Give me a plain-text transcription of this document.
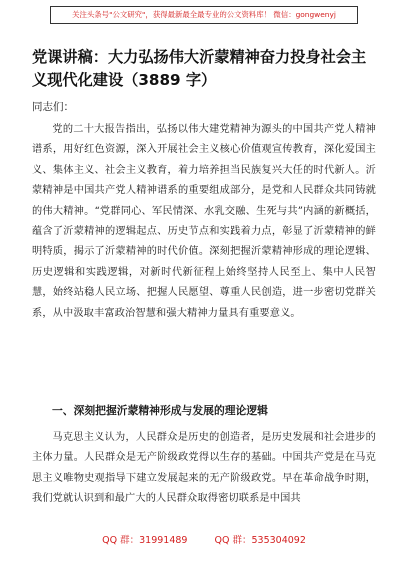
关注头条号"公文研究"，获得最新最全最专业的公文资料库！ 微信：gongwenyj
党课讲稿：大力弘扬伟大沂蒙精神奋力投身社会主义现代化建设（3889 字）
同志们：

党的二十大报告指出，弘扬以伟大建党精神为源头的中国共产党人精神谱系，用好红色资源，深入开展社会主义核心价值观宣传教育，深化爱国主义、集体主义、社会主义教育，着力培养担当民族复兴大任的时代新人。沂蒙精神是中国共产党人精神谱系的重要组成部分，是党和人民群众共同铸就的伟大精神。“党群同心、军民情深、水乳交融、生死与共”内涵的新概括，蕴含了沂蒙精神的逻辑起点、历史节点和实践着力点，彰显了沂蒙精神的鲜明特质，揭示了沂蒙精神的时代价值。深刻把握沂蒙精神形成的理论逻辑、历史逻辑和实践逻辑，对新时代新征程上始终坚持人民至上、集中人民智慧，始终站稳人民立场、把握人民愿望、尊重人民创造，进一步密切党群关系，从中汲取丰富政治智慧和强大精神力量具有重要意义。

一、深刻把握沂蒙精神形成与发展的理论逻辑

马克思主义认为，人民群众是历史的创造者，是历史发展和社会进步的主体力量。人民群众是无产阶级政党得以生存的基础。中国共产党是在马克思主义唯物史观指导下建立发展起来的无产阶级政党。早在革命战争时期，我们党就认识到和最广大的人民群众取得密切联系是中国共

QQ 群：31991489	QQ 群：535304092
